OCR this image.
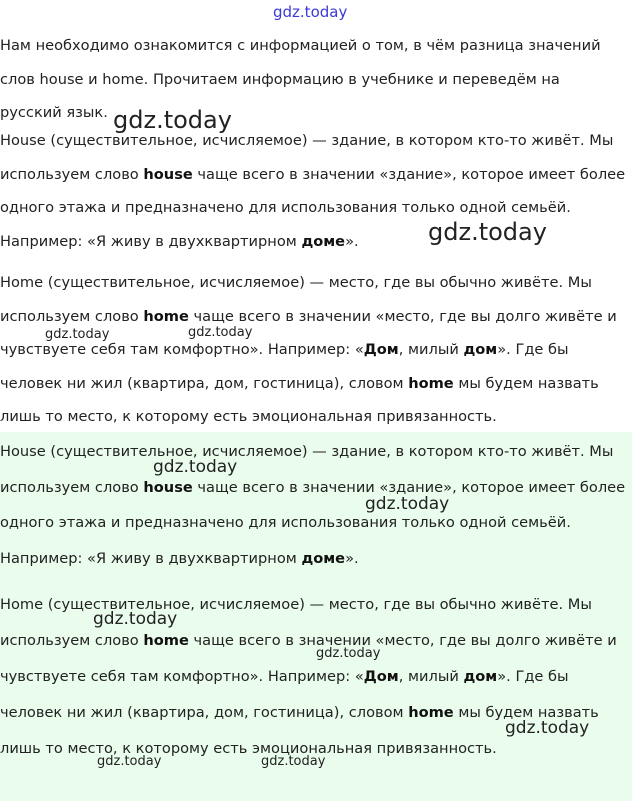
gdz.today

Нам необходимо ознакомится с информацией о том, в чём разница значений слов house и home. Прочитаем информацию в учебнике и переведём на русский язык.

House (существительное, исчисляемое) — здание, в котором кто-то живёт. Мы используем слово house чаще всего в значении «здание», которое имеет более одного этажа и предназначено для использования только одной семьёй. Например: «Я живу в двухквартирном доме».

Home (существительное, исчисляемое) — место, где вы обычно живёте. Мы используем слово home чаще всего в значении «место, где вы долго живёте и чувствуете себя там комфортно». Например: «Дом, милый дом». Где бы человек ни жил (квартира, дом, гостиница), словом home мы будем назвать лишь то место, к которому есть эмоциональная привязанность.

House (существительное, исчисляемое) — здание, в котором кто-то живёт. Мы используем слово house чаще всего в значении «здание», которое имеет более одного этажа и предназначено для использования только одной семьёй. Например: «Я живу в двухквартирном доме».

Home (существительное, исчисляемое) — место, где вы обычно живёте. Мы используем слово home чаще всего в значении «место, где вы долго живёте и чувствуете себя там комфортно». Например: «Дом, милый дом». Где бы человек ни жил (квартира, дом, гостиница), словом home мы будем назвать лишь то место, к которому есть эмоциональная привязанность.

gdz.today
gdz.today
gdz.today	gdz.today
gdz.today
gdz.today
gdz.today
gdz.today
gdz.today
gdz.today	gdz.today
